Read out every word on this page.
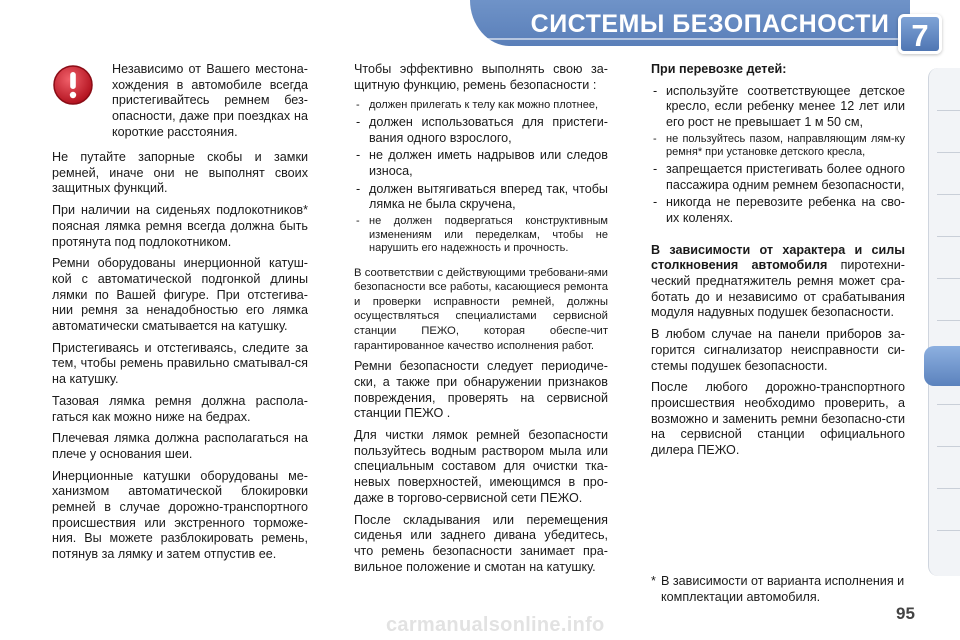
СИСТЕМЫ БЕЗОПАСНОСТИ 7

Независимо от Вашего местона-хождения в автомобиле всегда пристегивайтесь ремнем без-опасности, даже при поездках на короткие расстояния.

Не путайте запорные скобы и замки ремней, иначе они не выполнят своих защитных функций.

При наличии на сиденьях подлокотников* поясная лямка ремня всегда должна быть протянута под подлокотником.

Ремни оборудованы инерционной катуш-кой с автоматической подгонкой длины лямки по Вашей фигуре. При отстегива-нии ремня за ненадобностью его лямка автоматически сматывается на катушку.

Пристегиваясь и отстегиваясь, следите за тем, чтобы ремень правильно сматывал-ся на катушку.

Тазовая лямка ремня должна распола-гаться как можно ниже на бедрах.

Плечевая лямка должна располагаться на плече у основания шеи.

Инерционные катушки оборудованы ме-ханизмом автоматической блокировки ремней в случае дорожно-транспортного происшествия или экстренного торможе-ния. Вы можете разблокировать ремень, потянув за лямку и затем отпустив ее.

Чтобы эффективно выполнять свою за-щитную функцию, ремень безопасности :

- должен прилегать к телу как можно плотнее,
- должен использоваться для пристеги-вания одного взрослого,
- не должен иметь надрывов или следов износа,
- должен вытягиваться вперед так, чтобы лямка не была скручена,
- не должен подвергаться конструктивным изменениям или переделкам, чтобы не нарушить его надежность и прочность.

В соответствии с действующими требовани-ями безопасности все работы, касающиеся ремонта и проверки исправности ремней, должны осуществляться специалистами сервисной станции ПЕЖО, которая обеспе-чит гарантированное качество исполнения работ.

Ремни безопасности следует периодиче-ски, а также при обнаружении признаков повреждения, проверять на сервисной станции ПЕЖО .

Для чистки лямок ремней безопасности пользуйтесь водным раствором мыла или специальным составом для очистки тка-невых поверхностей, имеющимся в про-даже в торгово-сервисной сети ПЕЖО.

После складывания или перемещения сиденья или заднего дивана убедитесь, что ремень безопасности занимает пра-вильное положение и смотан на катушку.

При перевозке детей:

- используйте соответствующее детское кресло, если ребенку менее 12 лет или его рост не превышает 1 м 50 см,
- не пользуйтесь пазом, направляющим лям-ку ремня* при установке детского кресла,
- запрещается пристегивать более одного пассажира одним ремнем безопасности,
- никогда не перевозите ребенка на сво-их коленях.

В зависимости от характера и силы столкновения автомобиля пиротехни-ческий преднатяжитель ремня может сра-ботать до и независимо от срабатывания модуля надувных подушек безопасности.

В любом случае на панели приборов за-горится сигнализатор неисправности си-стемы подушек безопасности.

После любого дорожно-транспортного происшествия необходимо проверить, а возможно и заменить ремни безопасно-сти на сервисной станции официального дилера ПЕЖО.

* В зависимости от варианта исполнения и комплектации автомобиля.
95
carmanualsonline.info
